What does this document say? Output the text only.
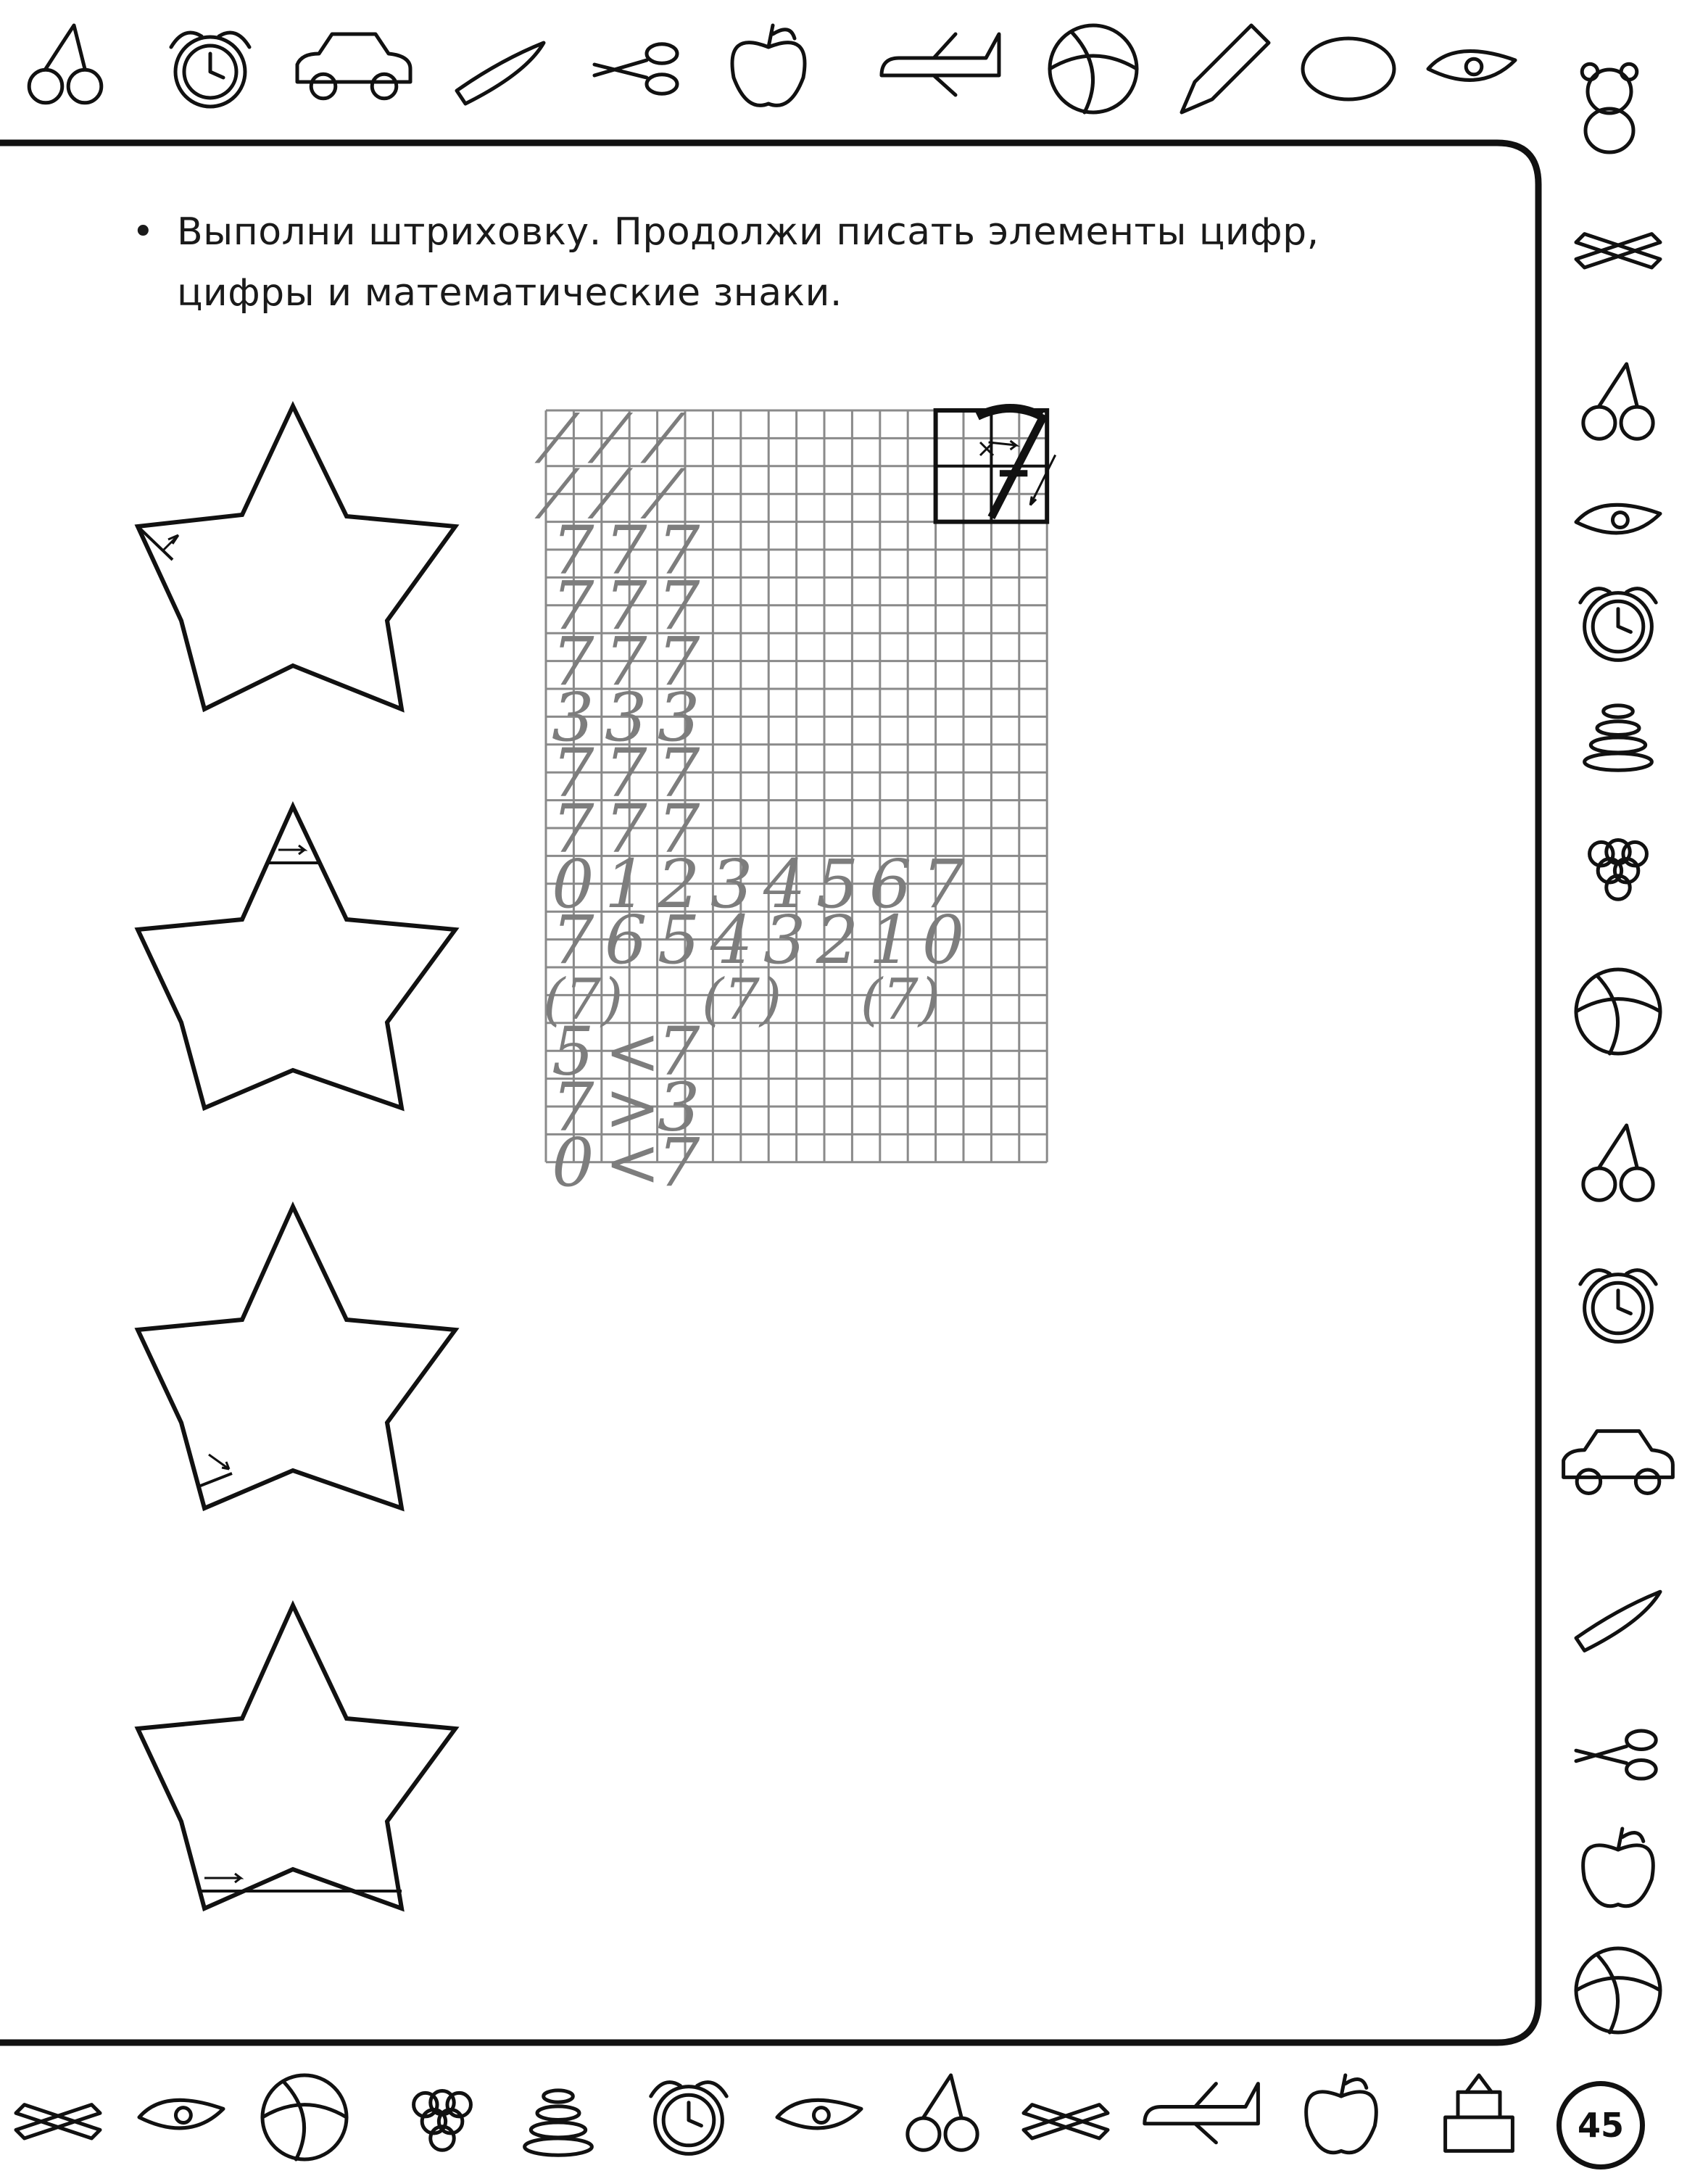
• Выполни штриховку. Продолжи писать элементы цифр,
цифры и математические знаки.
⁄ ⁄ ⁄
⁄ ⁄ ⁄
7 7 7
7 7 7
7 7 7
3 3 3
7 7 7
7 7 7
0 1 2 3 4 5 6 7
7 6 5 4 3 2 1 0
(7) (7) (7)
5 <
7
7 >
3
0 <
7
45
